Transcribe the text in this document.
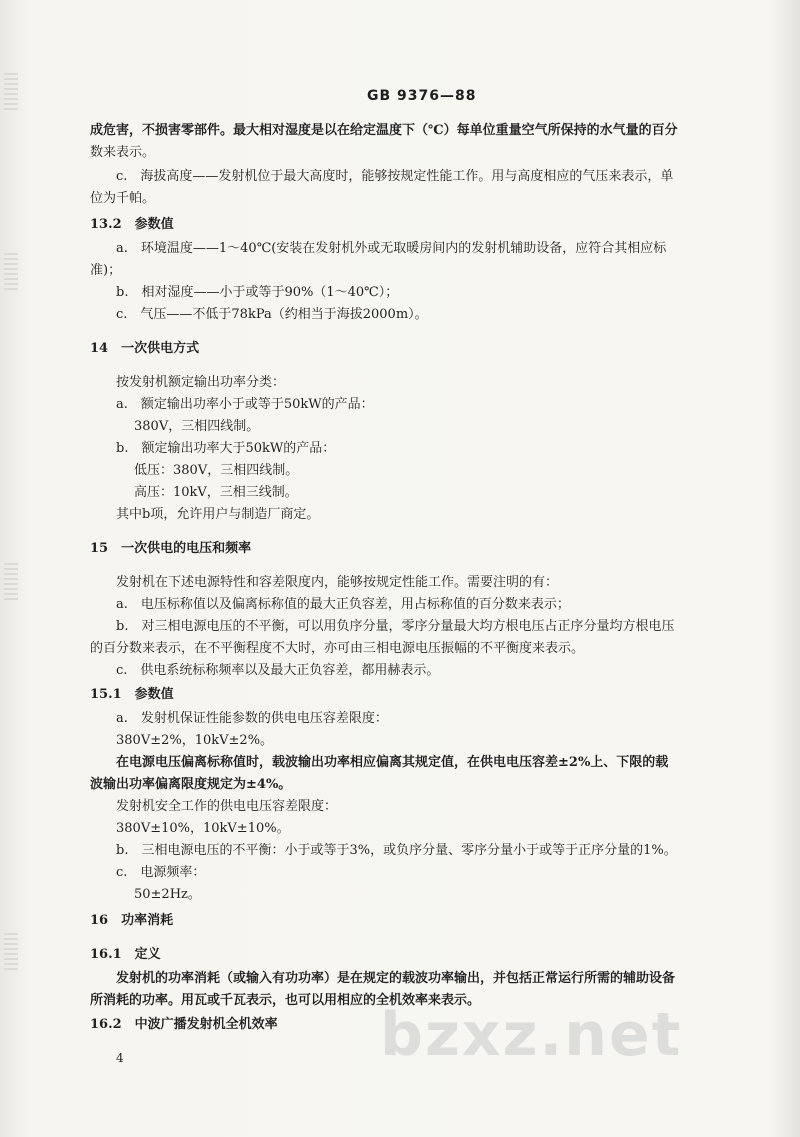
GB 9376—88
成危害，不损害零部件。最大相对湿度是以在给定温度下（℃）每单位重量空气所保持的水气量的百分
数来表示。
c.　海拔高度——发射机位于最大高度时，能够按规定性能工作。用与高度相应的气压来表示，单
位为千帕。
13.2　参数值
a.　环境温度——1～40℃(安装在发射机外或无取暖房间内的发射机辅助设备，应符合其相应标
准)；
b.　相对湿度——小于或等于90%（1～40℃）；
c.　气压——不低于78kPa（约相当于海拔2000m）。
14　一次供电方式
按发射机额定输出功率分类：
a.　额定输出功率小于或等于50kW的产品：
380V，三相四线制。
b.　额定输出功率大于50kW的产品：
低压：380V，三相四线制。
高压：10kV，三相三线制。
其中b项，允许用户与制造厂商定。
15　一次供电的电压和频率
发射机在下述电源特性和容差限度内，能够按规定性能工作。需要注明的有：
a.　电压标称值以及偏离标称值的最大正负容差，用占标称值的百分数来表示；
b.　对三相电源电压的不平衡，可以用负序分量，零序分量最大均方根电压占正序分量均方根电压
的百分数来表示，在不平衡程度不大时，亦可由三相电源电压振幅的不平衡度来表示。
c.　供电系统标称频率以及最大正负容差，都用赫表示。
15.1　参数值
a.　发射机保证性能参数的供电电压容差限度：
380V±2%，10kV±2%。
在电源电压偏离标称值时，载波输出功率相应偏离其规定值，在供电电压容差±2%上、下限的载
波输出功率偏离限度规定为±4%。
发射机安全工作的供电电压容差限度：
380V±10%，10kV±10%。
b.　三相电源电压的不平衡：小于或等于3%，或负序分量、零序分量小于或等于正序分量的1%。
c.　电源频率：
50±2Hz。
16　功率消耗
16.1　定义
发射机的功率消耗（或输入有功功率）是在规定的载波功率输出，并包括正常运行所需的辅助设备
所消耗的功率。用瓦或千瓦表示，也可以用相应的全机效率来表示。
16.2　中波广播发射机全机效率
4	bzxz.net
